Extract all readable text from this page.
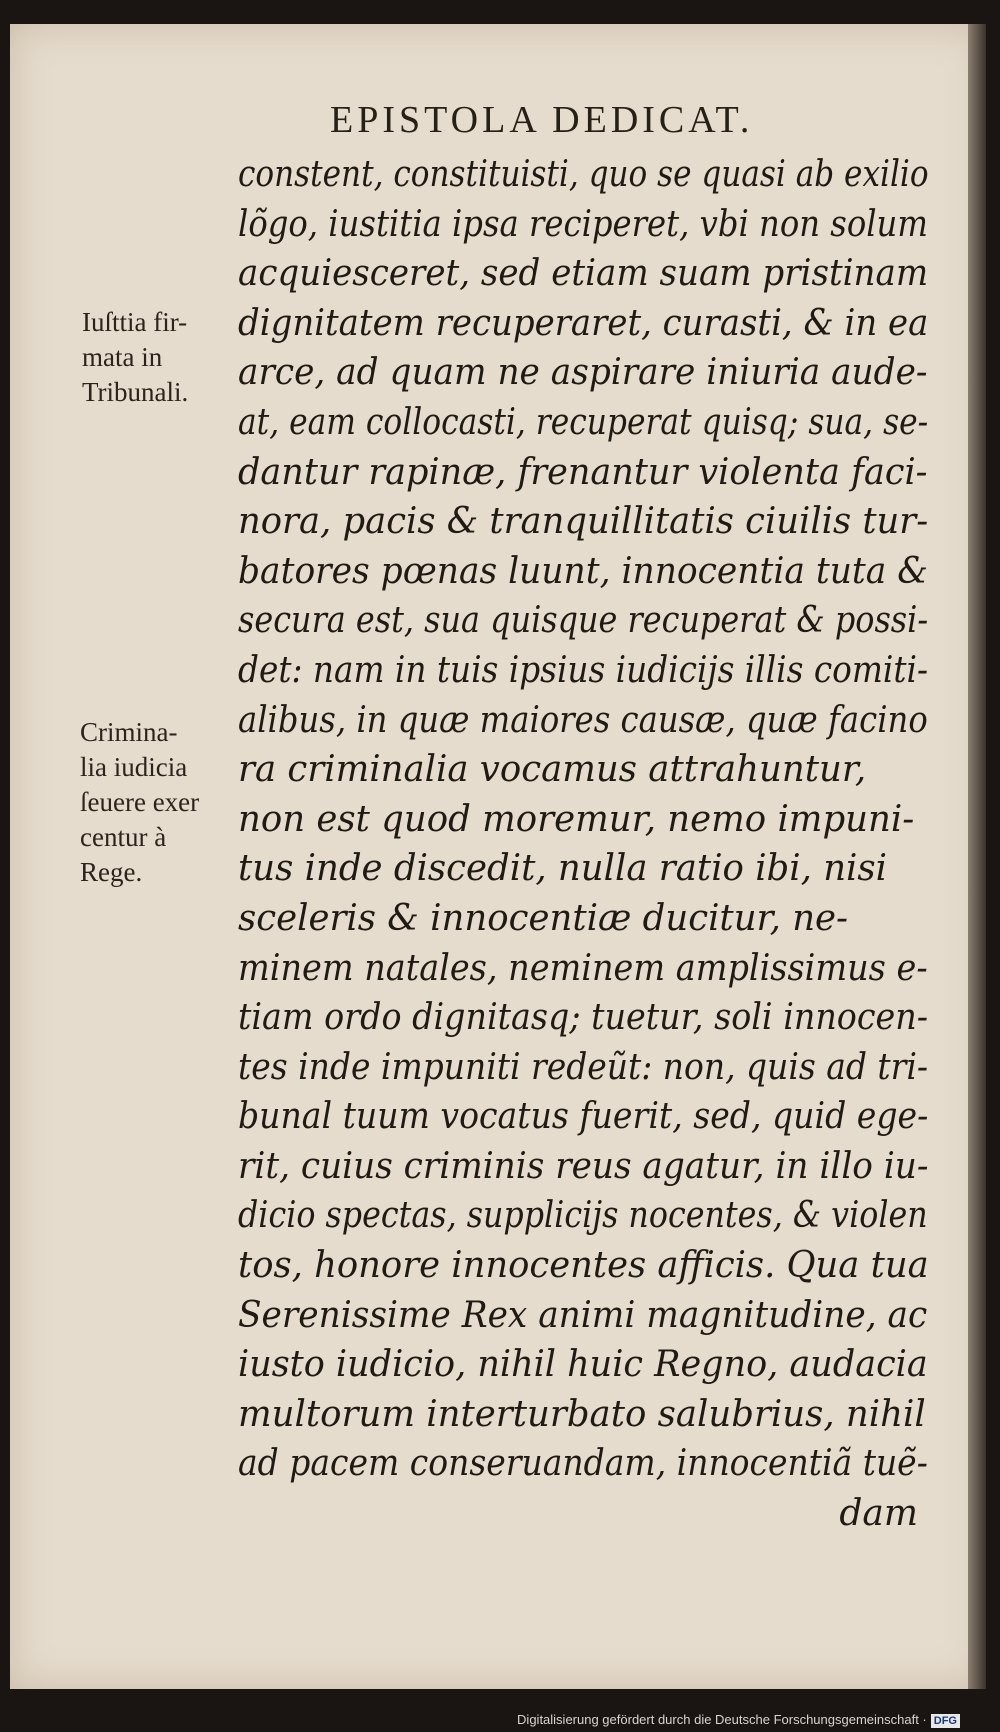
EPISTOLA DEDICAT.
constent, constituisti, quo se quasi ab exilio
lõgo, iustitia ipsa reciperet, vbi non solum
acquiesceret, sed etiam suam pristinam
dignitatem recuperaret, curasti, & in ea
arce, ad quam ne aspirare iniuria aude-
at, eam collocasti, recuperat quisq; sua, se-
dantur rapinæ, frenantur violenta faci-
nora, pacis & tranquillitatis ciuilis tur-
batores pœnas luunt, innocentia tuta &
secura est, sua quisque recuperat & possi-
det: nam in tuis ipsius iudicijs illis comiti-
alibus, in quæ maiores causæ, quæ facino
ra criminalia vocamus attrahuntur,
non est quod moremur, nemo impuni-
tus inde discedit, nulla ratio ibi, nisi
sceleris & innocentiæ ducitur, ne-
minem natales, neminem amplissimus e-
tiam ordo dignitasq; tuetur, soli innocen-
tes inde impuniti redeũt: non, quis ad tri-
bunal tuum vocatus fuerit, sed, quid ege-
rit, cuius criminis reus agatur, in illo iu-
dicio spectas, supplicijs nocentes, & violen
tos, honore innocentes afficis. Qua tua
Serenissime Rex animi magnitudine, ac
iusto iudicio, nihil huic Regno, audacia
multorum interturbato salubrius, nihil
ad pacem conseruandam, innocentiã tuẽ-
dam
Iuſttia fir-
mata in
Tribunali.
Crimina-
lia iudicia
ſeuere exer
centur à
Rege.
Digitalisierung gefördert durch die Deutsche Forschungsgemeinschaft · DFG
